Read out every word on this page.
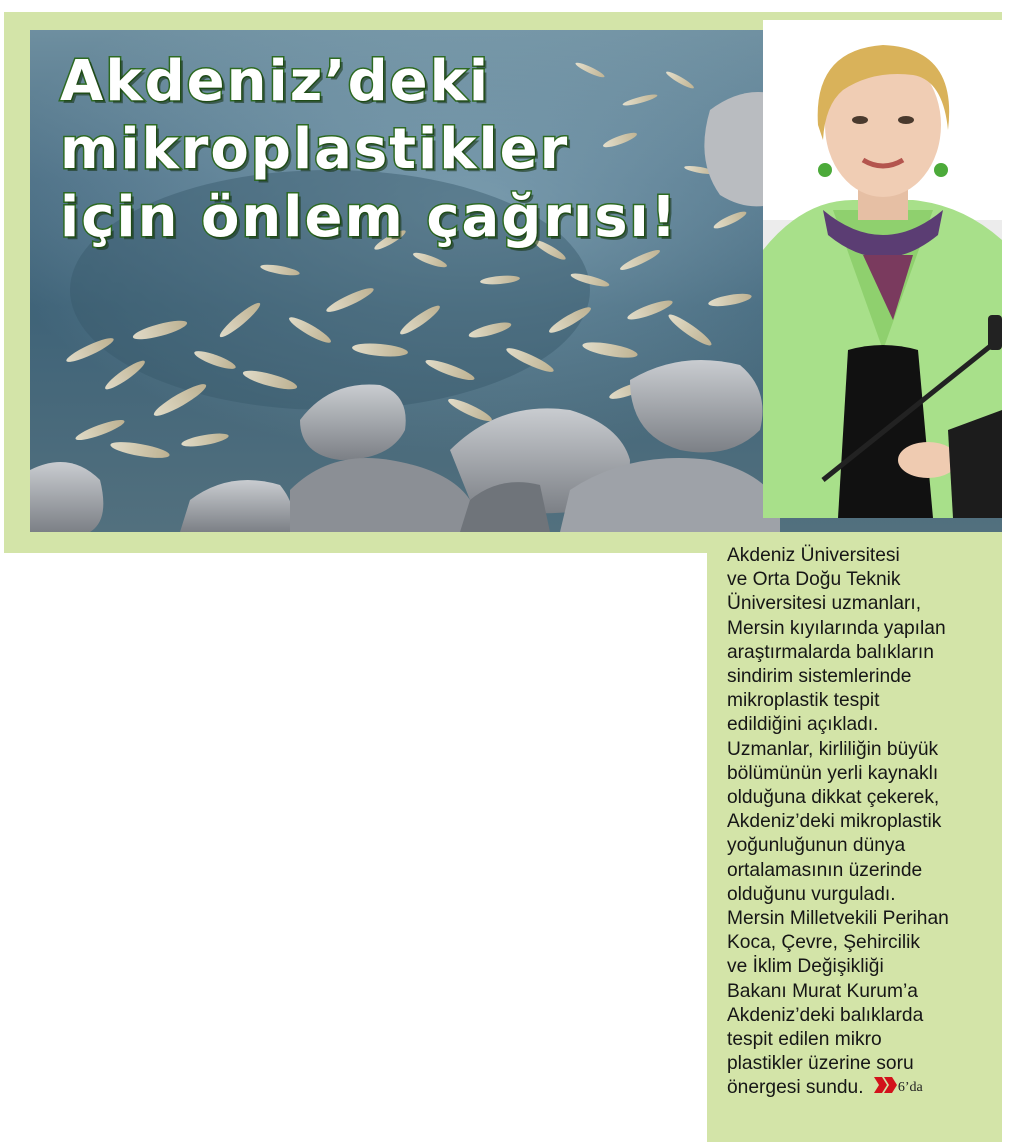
Akdeniz’deki
mikroplastikler
için önlem çağrısı!

Akdeniz Üniversitesi
ve Orta Doğu Teknik
Üniversitesi uzmanları,
Mersin kıyılarında yapılan
araştırmalarda balıkların
sindirim sistemlerinde
mikroplastik tespit
edildiğini açıkladı.
Uzmanlar, kirliliğin büyük
bölümünün yerli kaynaklı
olduğuna dikkat çekerek,
Akdeniz’deki mikroplastik
yoğunluğunun dünya
ortalamasının üzerinde
olduğunu vurguladı.
Mersin Milletvekili Perihan
Koca, Çevre, Şehircilik
ve İklim Değişikliği
Bakanı Murat Kurum’a
Akdeniz’deki balıklarda
tespit edilen mikro
plastikler üzerine soru
önergesi sundu. 6’da
